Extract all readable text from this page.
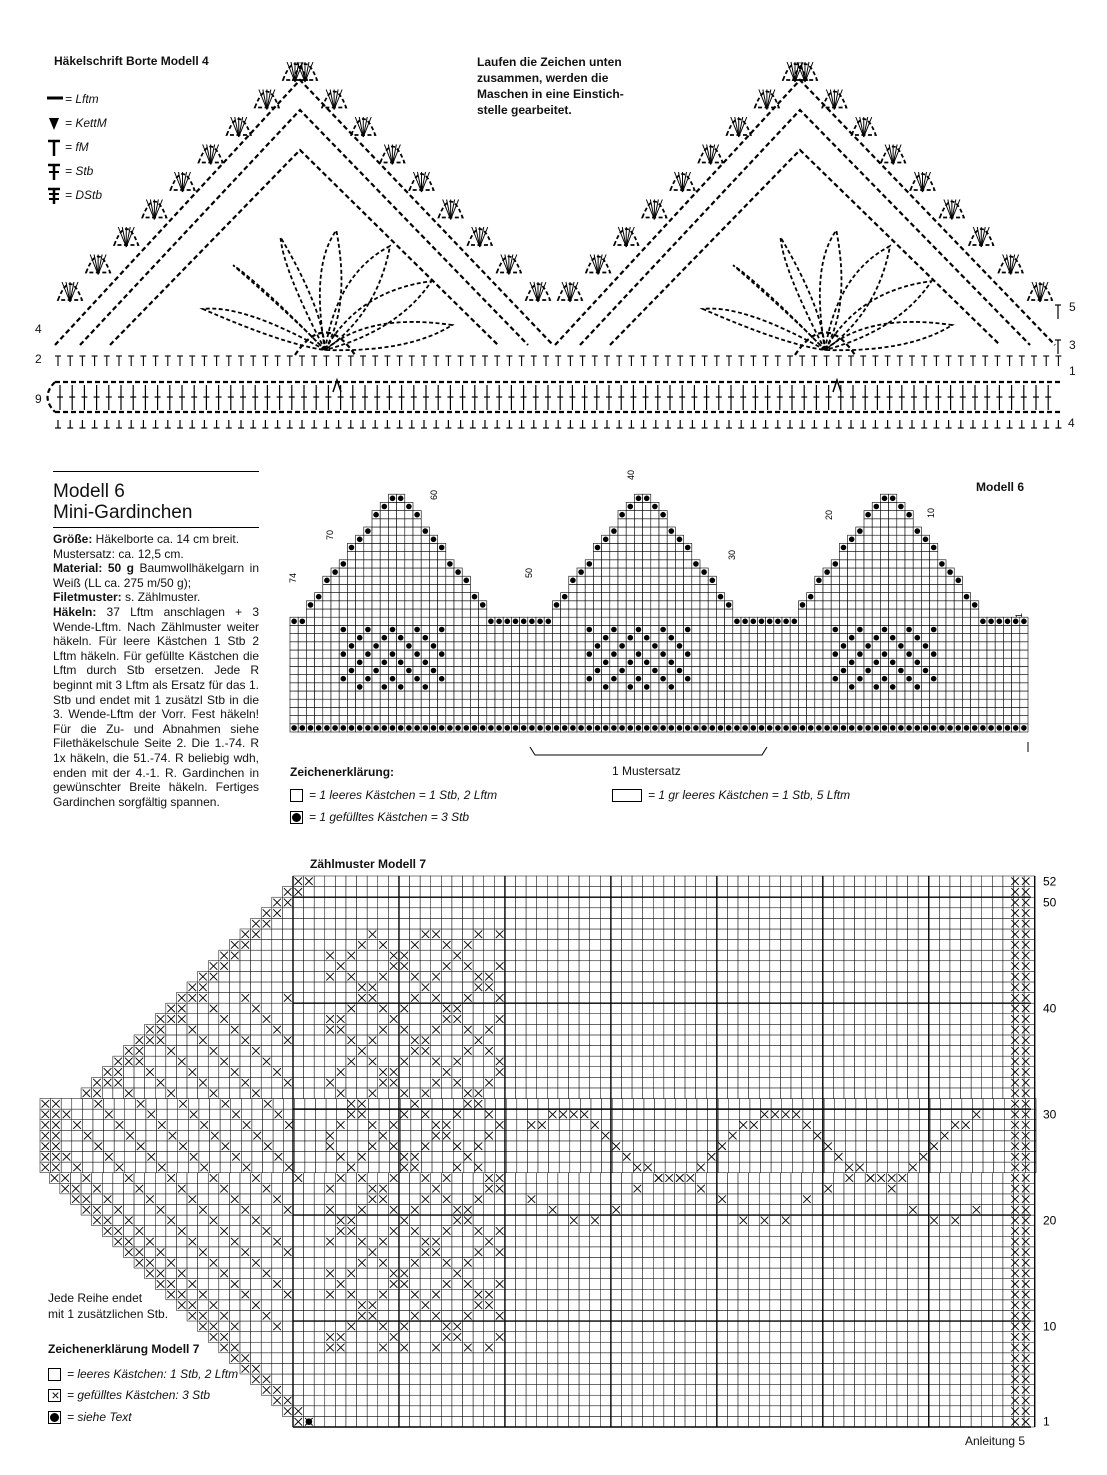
Häkelschrift Borte Modell 4	Laufen die Zeichen unten
zusammen, werden die
Maschen in eine Einstich-
stelle gearbeitet.
= Lftm
= KettM
= fM
= Stb
= DStb
4
2
9
5
3
1
4
Modell 6
Mini-Gardinchen
Größe: Häkelborte ca. 14 cm breit.
Mustersatz: ca. 12,5 cm.
Material: 50 g Baumwollhäkelgarn in Weiß (LL ca. 275 m/50 g);
Filetmuster: s. Zählmuster.
Häkeln: 37 Lftm anschlagen + 3 Wende-Lftm. Nach Zählmuster weiter häkeln. Für leere Kästchen 1 Stb 2 Lftm häkeln. Für gefüllte Kästchen die Lftm durch Stb ersetzen. Jede R beginnt mit 3 Lftm als Ersatz für das 1. Stb und endet mit 1 zusätzl Stb in die 3. Wende-Lftm der Vorr. Fest häkeln! Für die Zu- und Abnahmen siehe Filethäkelschule Seite 2. Die 1.-74. R 1x häkeln, die 51.-74. R beliebig wdh, enden mit der 4.-1. R. Gardinchen in gewünschter Breite häkeln. Fertiges Gardinchen sorgfältig spannen.
Modell 6
74
70
60
50
40
30
20	10
1
1 Mustersatz
Zeichenerklärung:
= 1 leeres Kästchen = 1 Stb, 2 Lftm
= 1 gefülltes Kästchen = 3 Stb
= 1 gr leeres Kästchen = 1 Stb, 5 Lftm
Zählmuster Modell 7
52
50
40
30
20
10
1
Jede Reihe endet
mit 1 zusätzlichen Stb.
Zeichenerklärung Modell 7
= leeres Kästchen: 1 Stb, 2 Lftm
×
= gefülltes Kästchen: 3 Stb
= siehe Text
Anleitung 5
